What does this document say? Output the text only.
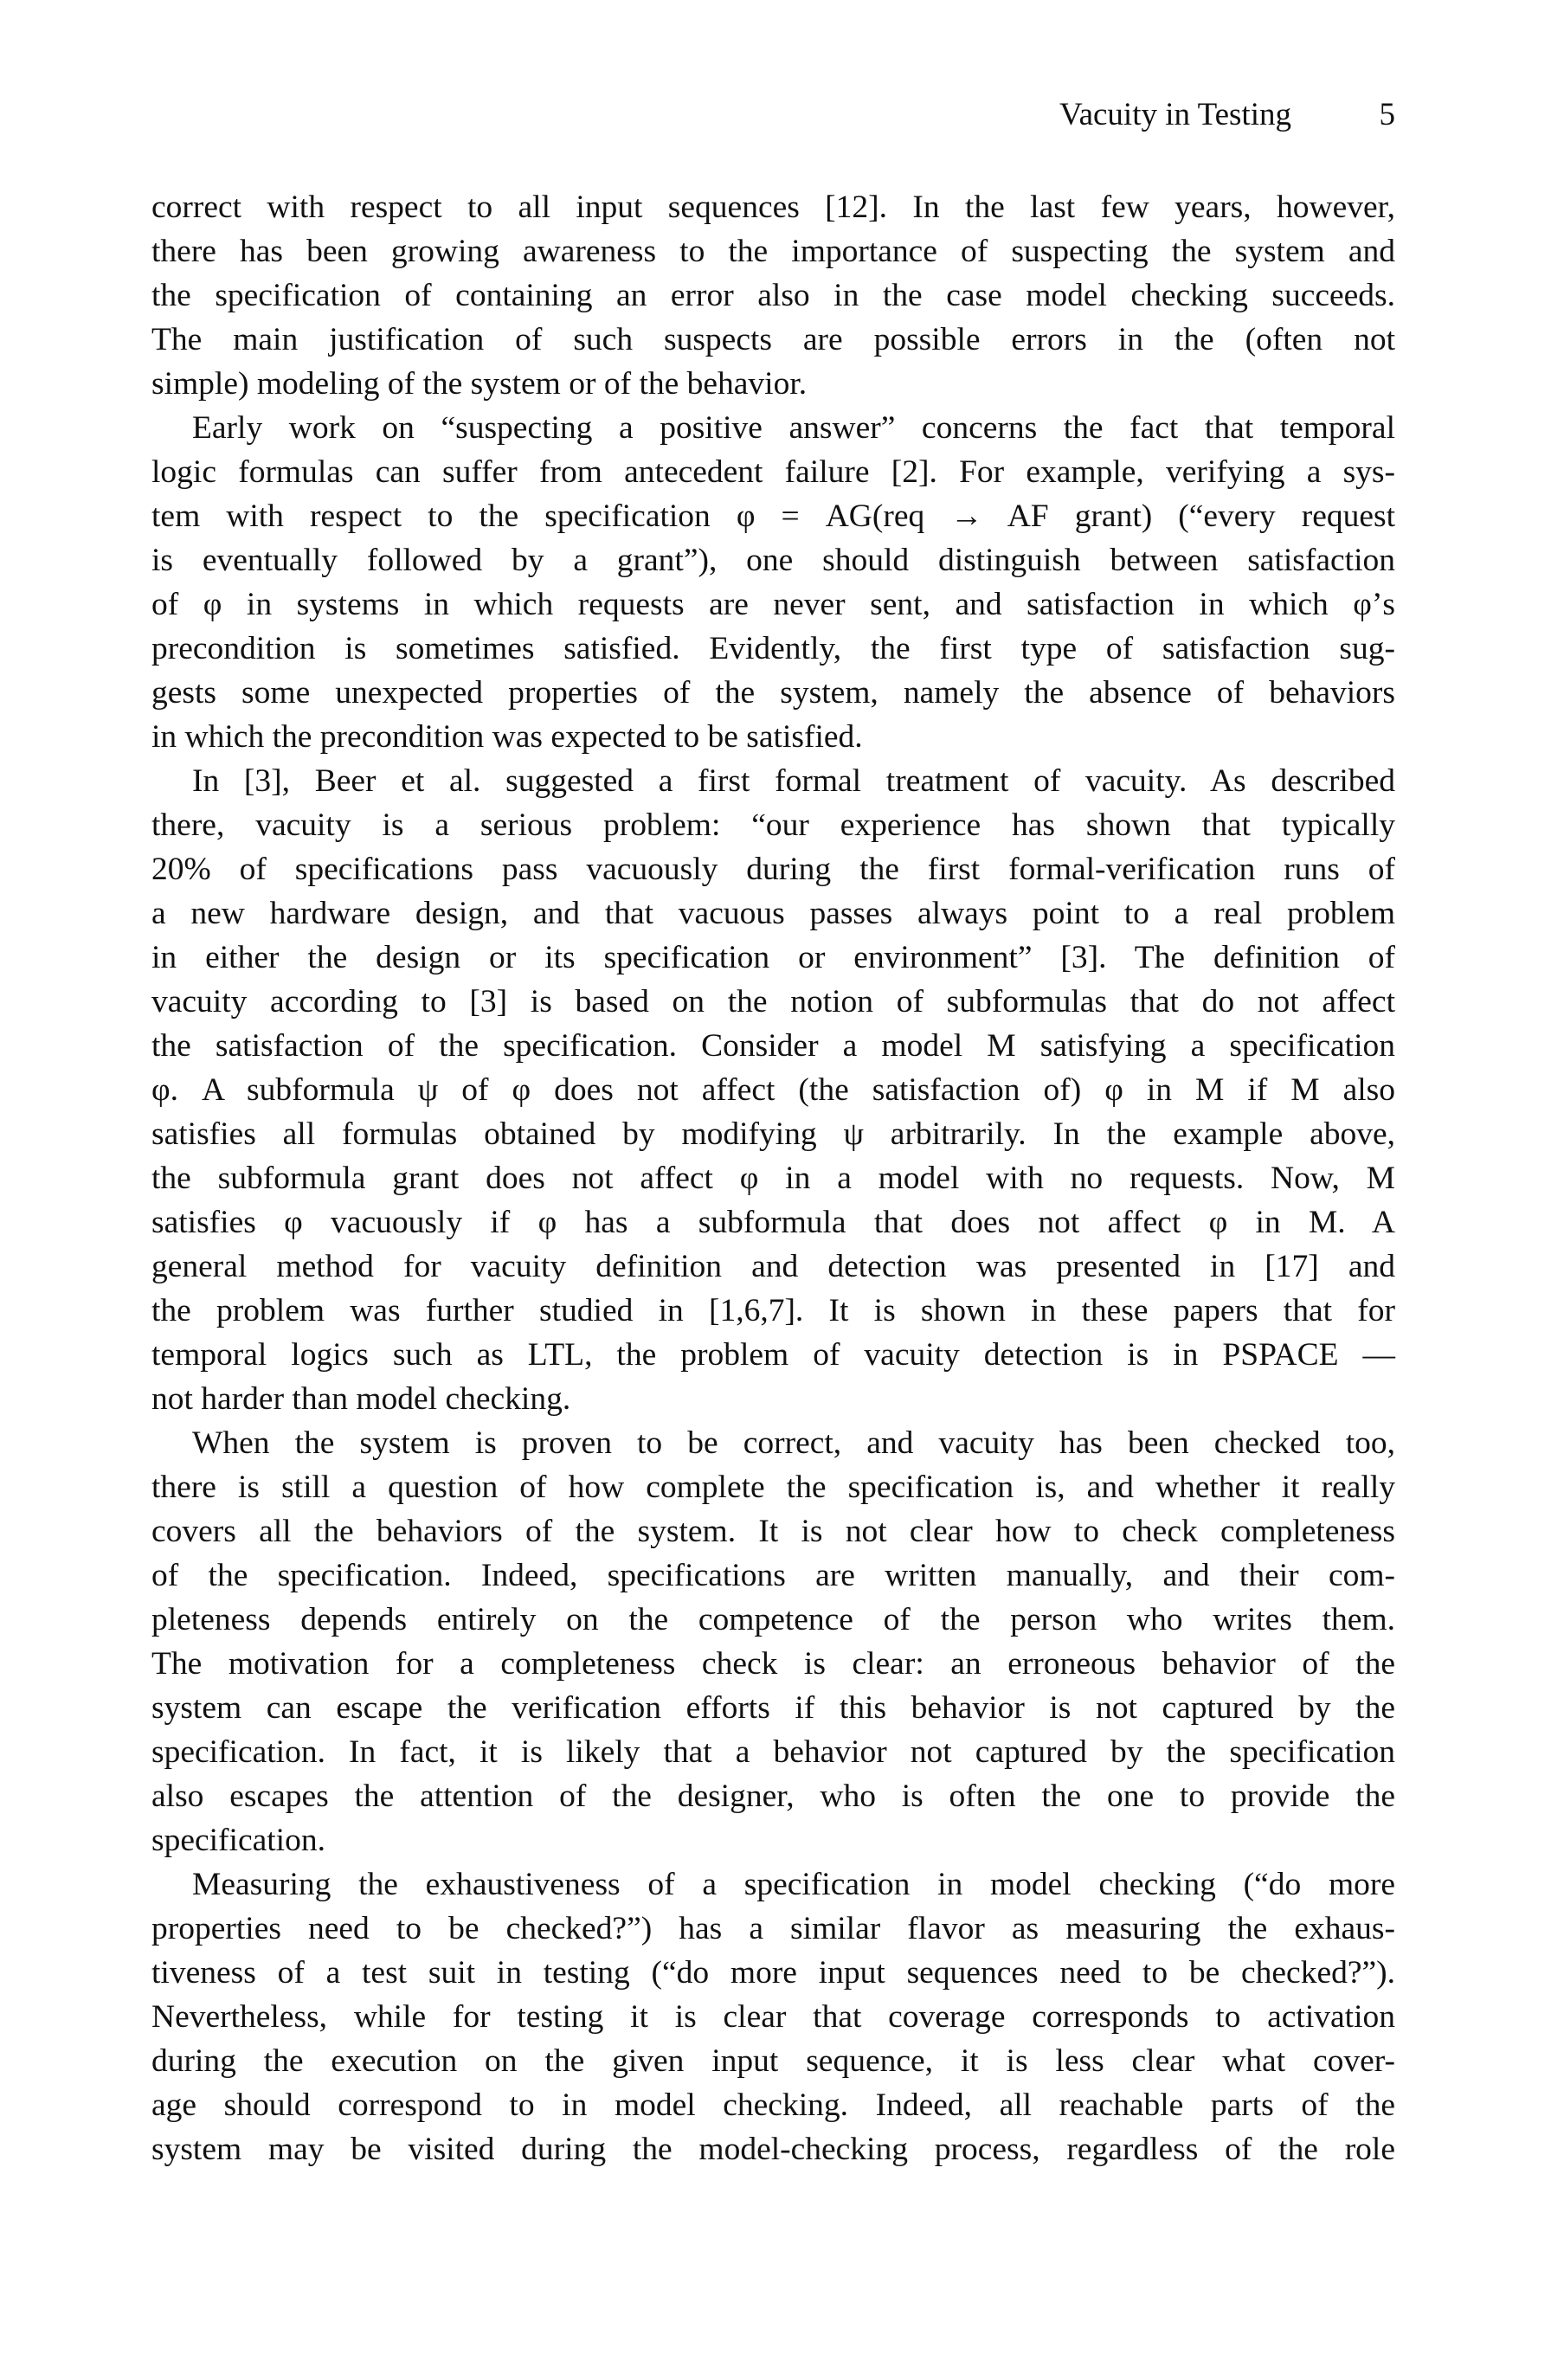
Vacuity in Testing	5
correct with respect to all input sequences [12]. In the last few years, however,
there has been growing awareness to the importance of suspecting the system and
the specification of containing an error also in the case model checking succeeds.
The main justification of such suspects are possible errors in the (often not
simple) modeling of the system or of the behavior.
Early work on “suspecting a positive answer” concerns the fact that temporal
logic formulas can suffer from antecedent failure [2]. For example, verifying a sys-
tem with respect to the specification φ = AG(req → AF grant) (“every request
is eventually followed by a grant”), one should distinguish between satisfaction
of φ in systems in which requests are never sent, and satisfaction in which φ’s
precondition is sometimes satisfied. Evidently, the first type of satisfaction sug-
gests some unexpected properties of the system, namely the absence of behaviors
in which the precondition was expected to be satisfied.
In [3], Beer et al. suggested a first formal treatment of vacuity. As described
there, vacuity is a serious problem: “our experience has shown that typically
20% of specifications pass vacuously during the first formal-verification runs of
a new hardware design, and that vacuous passes always point to a real problem
in either the design or its specification or environment” [3]. The definition of
vacuity according to [3] is based on the notion of subformulas that do not affect
the satisfaction of the specification. Consider a model M satisfying a specification
φ. A subformula ψ of φ does not affect (the satisfaction of) φ in M if M also
satisfies all formulas obtained by modifying ψ arbitrarily. In the example above,
the subformula grant does not affect φ in a model with no requests. Now, M
satisfies φ vacuously if φ has a subformula that does not affect φ in M. A
general method for vacuity definition and detection was presented in [17] and
the problem was further studied in [1,6,7]. It is shown in these papers that for
temporal logics such as LTL, the problem of vacuity detection is in PSPACE —
not harder than model checking.
When the system is proven to be correct, and vacuity has been checked too,
there is still a question of how complete the specification is, and whether it really
covers all the behaviors of the system. It is not clear how to check completeness
of the specification. Indeed, specifications are written manually, and their com-
pleteness depends entirely on the competence of the person who writes them.
The motivation for a completeness check is clear: an erroneous behavior of the
system can escape the verification efforts if this behavior is not captured by the
specification. In fact, it is likely that a behavior not captured by the specification
also escapes the attention of the designer, who is often the one to provide the
specification.
Measuring the exhaustiveness of a specification in model checking (“do more
properties need to be checked?”) has a similar flavor as measuring the exhaus-
tiveness of a test suit in testing (“do more input sequences need to be checked?”).
Nevertheless, while for testing it is clear that coverage corresponds to activation
during the execution on the given input sequence, it is less clear what cover-
age should correspond to in model checking. Indeed, all reachable parts of the
system may be visited during the model-checking process, regardless of the role
